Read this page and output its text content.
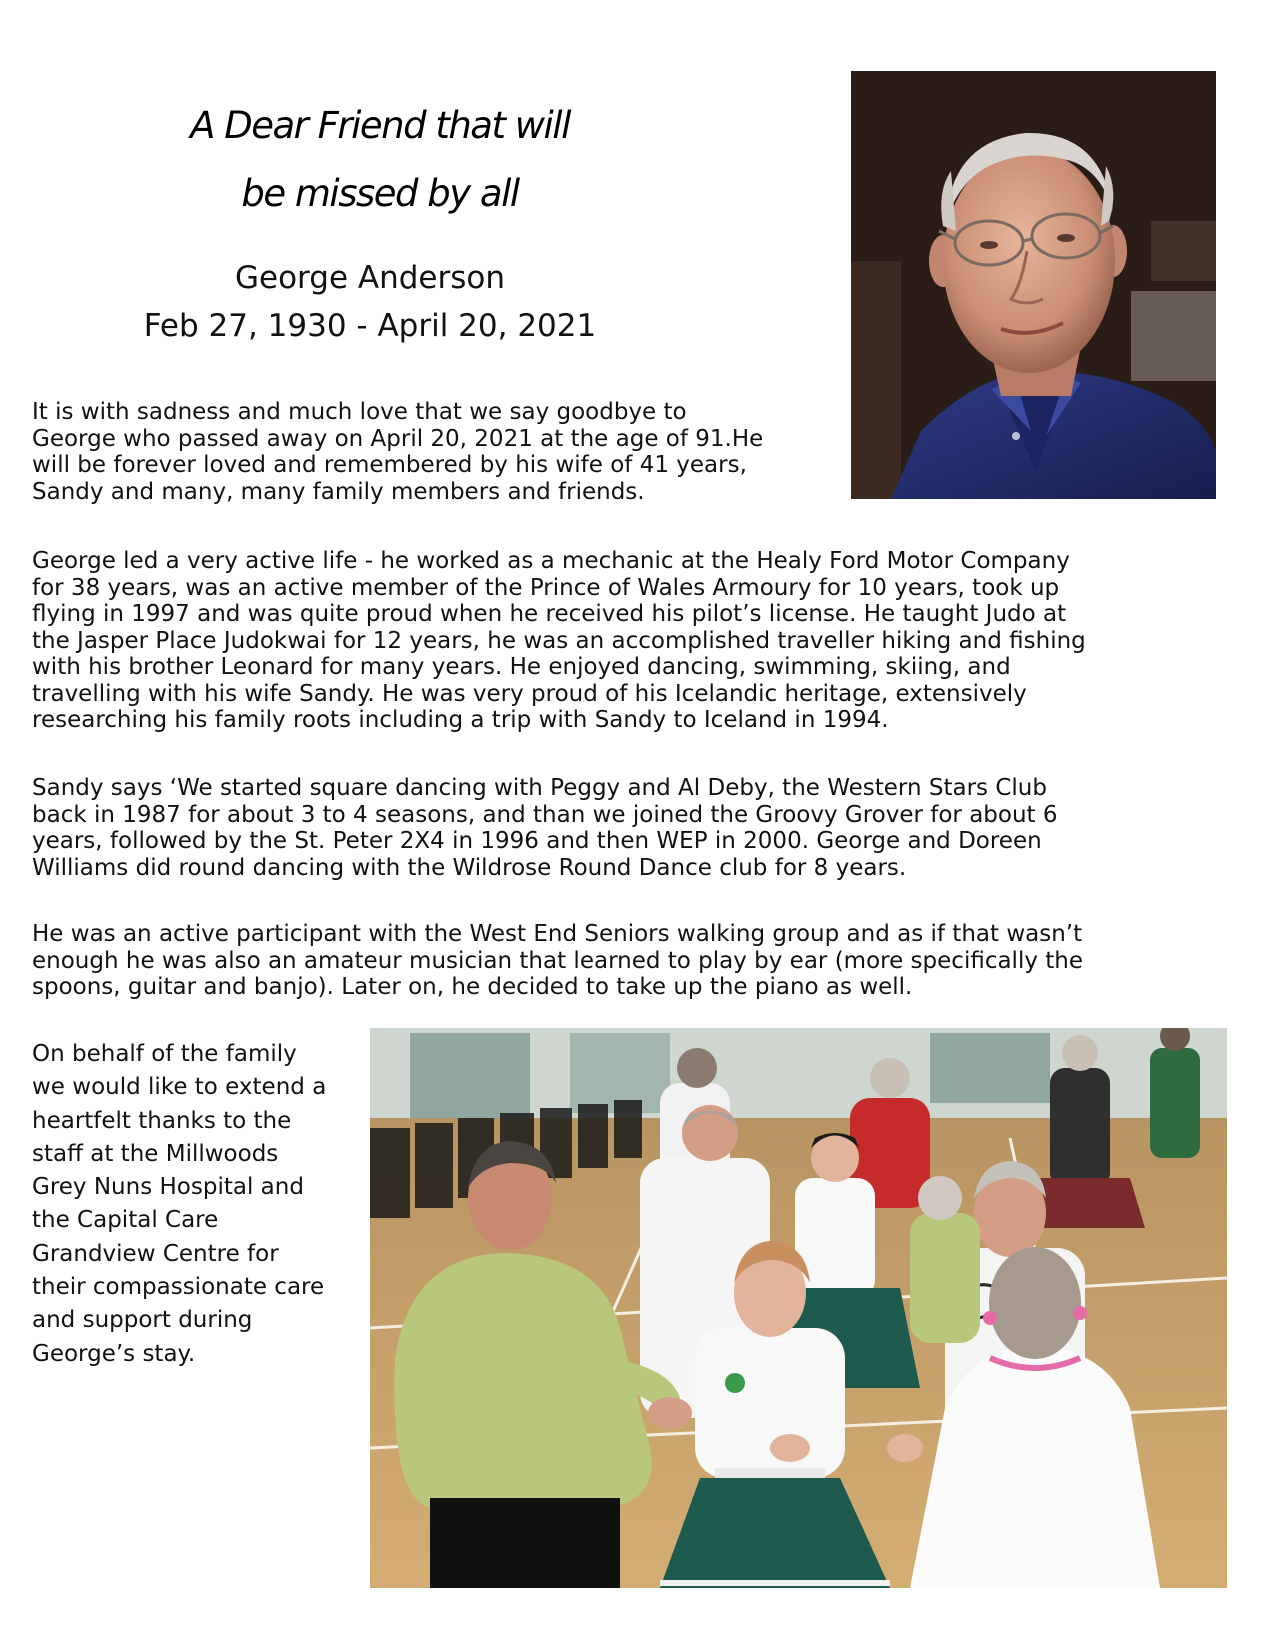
A Dear Friend that will
be missed by all
George Anderson
Feb 27, 1930 - April 20, 2021

It is with sadness and much love that we say goodbye to
George who passed away on April 20, 2021 at the age of 91.He
will be forever loved and remembered by his wife of 41 years,
Sandy and many, many family members and friends.

George led a very active life - he worked as a mechanic at the Healy Ford Motor Company
for 38 years, was an active member of the Prince of Wales Armoury for 10 years, took up
flying in 1997 and was quite proud when he received his pilot’s license. He taught Judo at
the Jasper Place Judokwai for 12 years, he was an accomplished traveller hiking and fishing
with his brother Leonard for many years. He enjoyed dancing, swimming, skiing, and
travelling with his wife Sandy. He was very proud of his Icelandic heritage, extensively
researching his family roots including a trip with Sandy to Iceland in 1994.

Sandy says ‘We started square dancing with Peggy and Al Deby, the Western Stars Club
back in 1987 for about 3 to 4 seasons, and than we joined the Groovy Grover for about 6
years, followed by the St. Peter 2X4 in 1996 and then WEP in 2000. George and Doreen
Williams did round dancing with the Wildrose Round Dance club for 8 years.

He was an active participant with the West End Seniors walking group and as if that wasn’t
enough he was also an amateur musician that learned to play by ear (more specifically the
spoons, guitar and banjo). Later on, he decided to take up the piano as well.

On behalf of the family
we would like to extend a
heartfelt thanks to the
staff at the Millwoods
Grey Nuns Hospital and
the Capital Care
Grandview Centre for
their compassionate care
and support during
George’s stay.
